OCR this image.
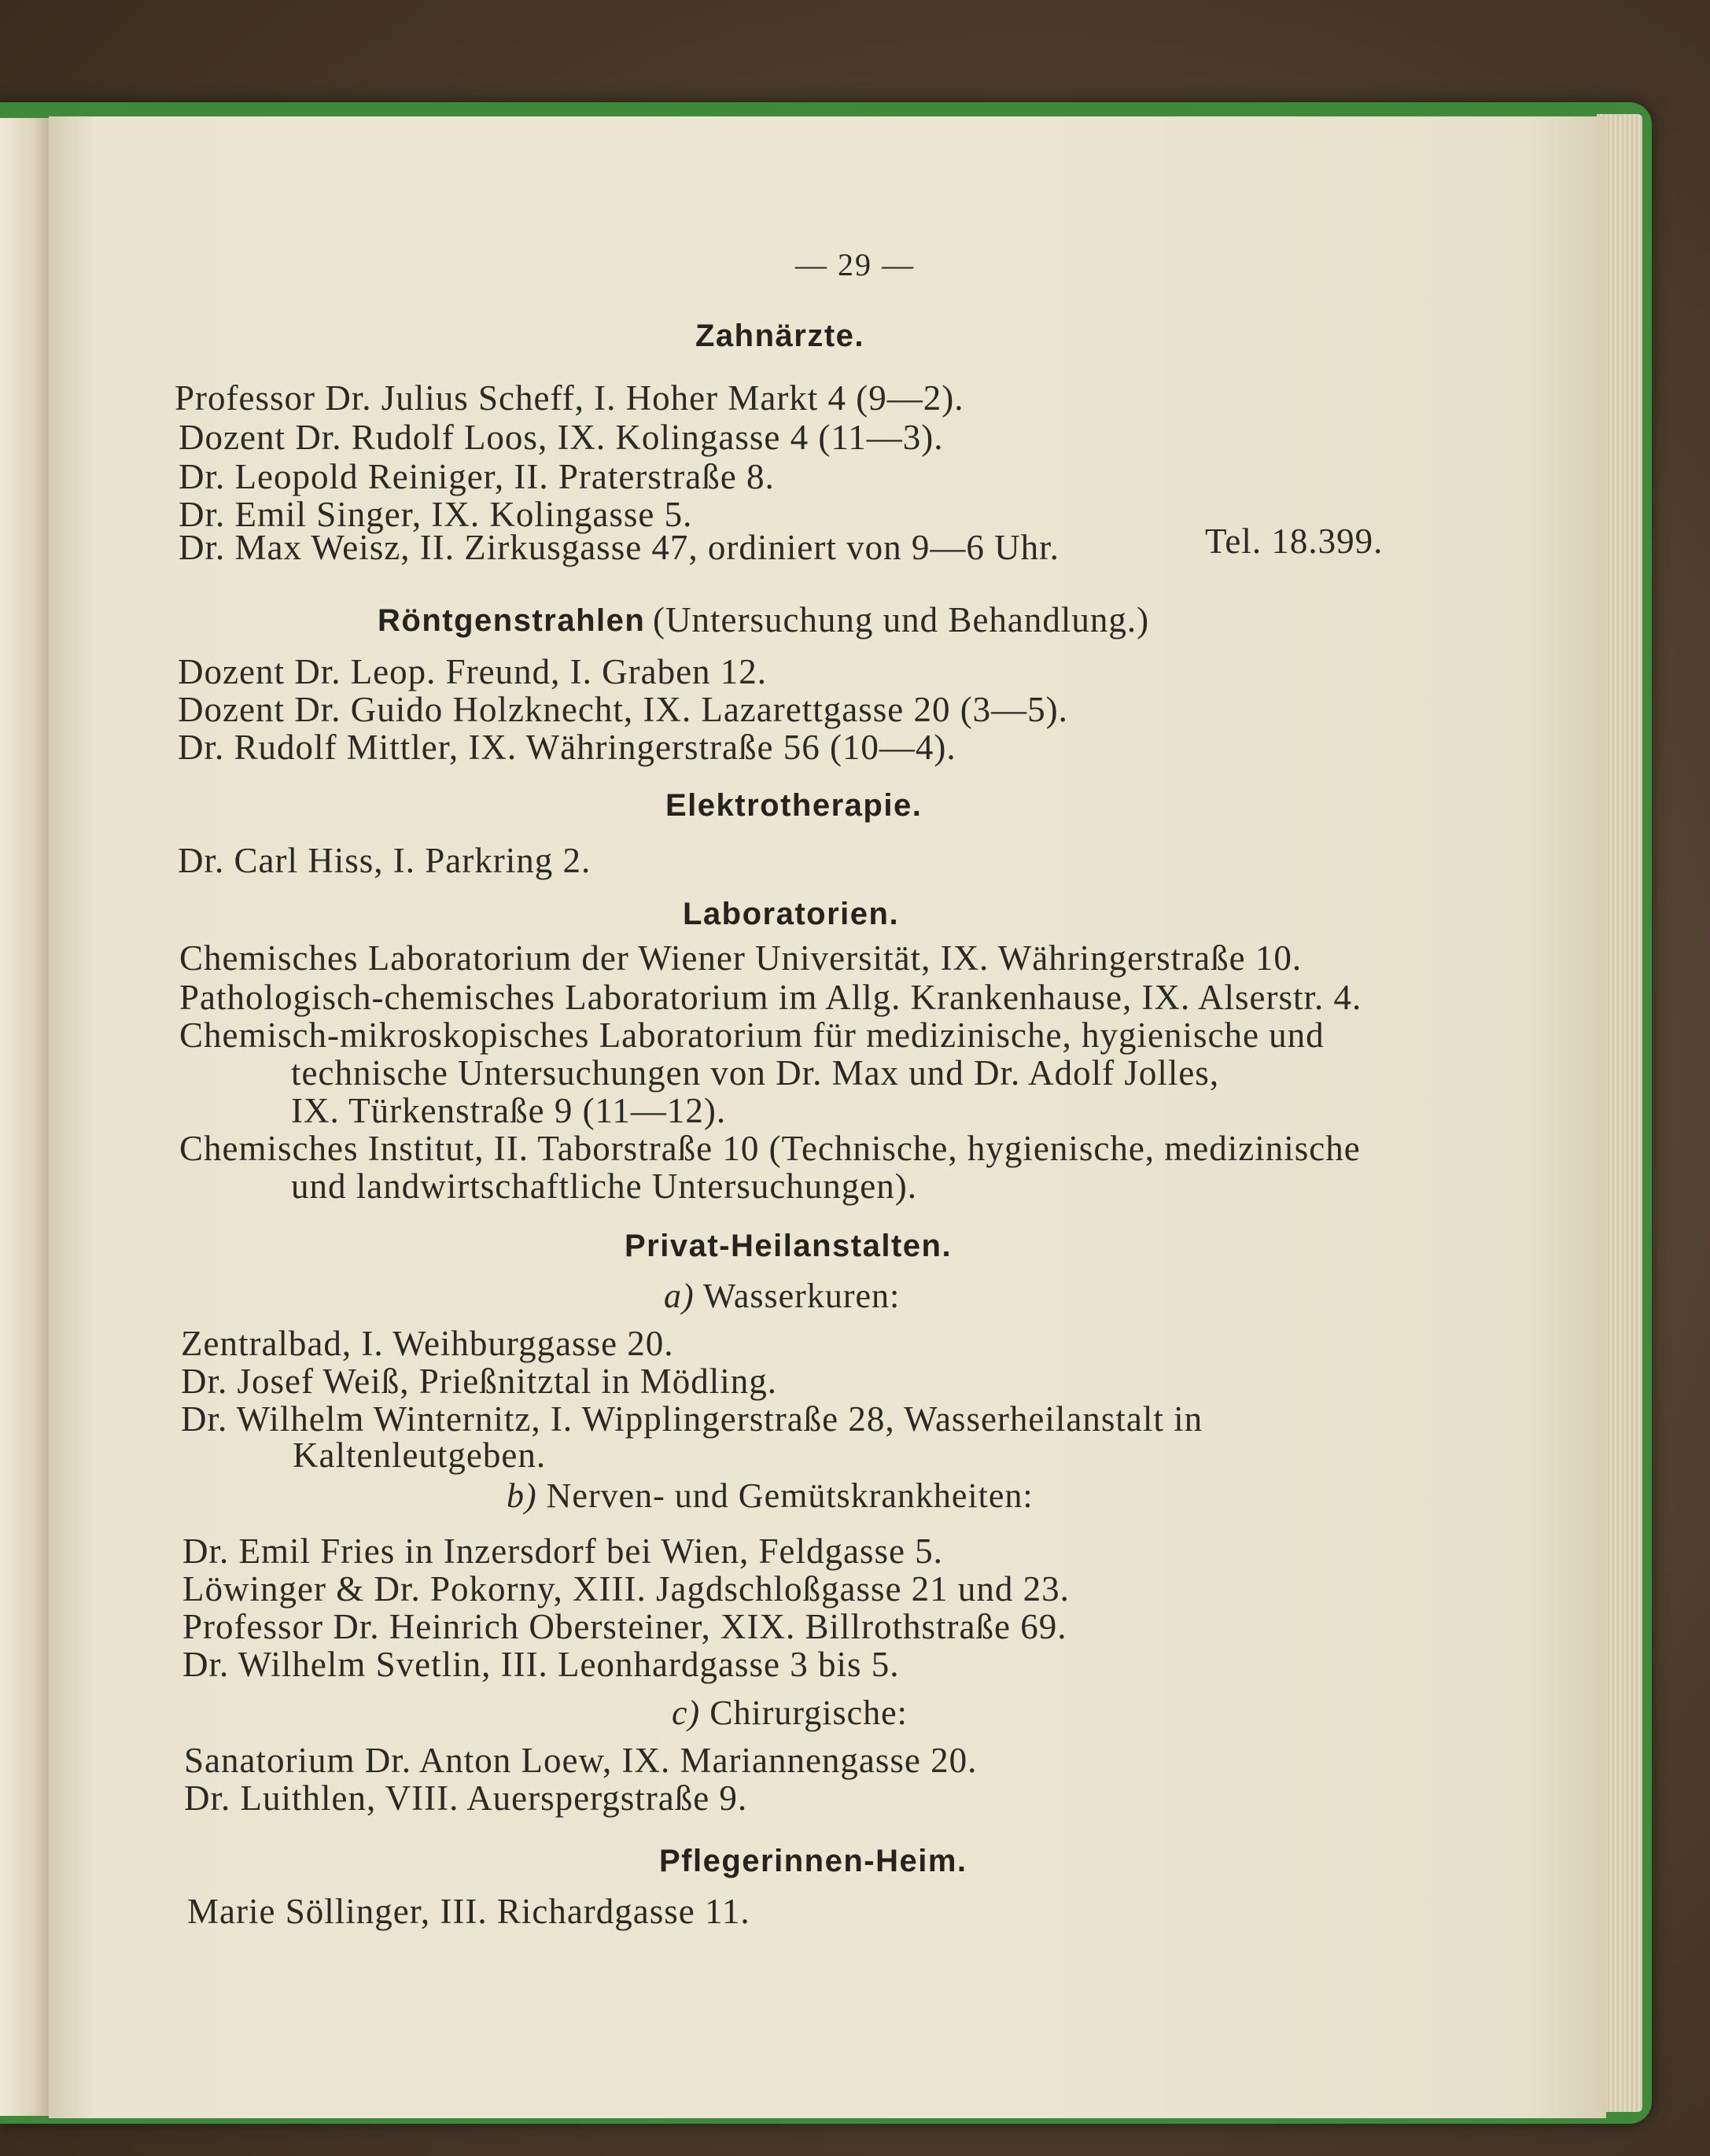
— 29 —
Zahnärzte.
Professor Dr. Julius Scheff, I. Hoher Markt 4 (9—2).
Dozent Dr. Rudolf Loos, IX. Kolingasse 4 (11—3).
Dr. Leopold Reiniger, II. Praterstraße 8.
Dr. Emil Singer, IX. Kolingasse 5.
Dr. Max Weisz, II. Zirkusgasse 47, ordiniert von 9—6 Uhr.	Tel. 18.399.
Röntgenstrahlen (Untersuchung und Behandlung.)
Dozent Dr. Leop. Freund, I. Graben 12.
Dozent Dr. Guido Holzknecht, IX. Lazarettgasse 20 (3—5).
Dr. Rudolf Mittler, IX. Währingerstraße 56 (10—4).
Elektrotherapie.
Dr. Carl Hiss, I. Parkring 2.
Laboratorien.
Chemisches Laboratorium der Wiener Universität, IX. Währingerstraße 10.
Pathologisch-chemisches Laboratorium im Allg. Krankenhause, IX. Alserstr. 4.
Chemisch-mikroskopisches Laboratorium für medizinische, hygienische und
technische Untersuchungen von Dr. Max und Dr. Adolf Jolles,
IX. Türkenstraße 9 (11—12).
Chemisches Institut, II. Taborstraße 10 (Technische, hygienische, medizinische
und landwirtschaftliche Untersuchungen).
Privat-Heilanstalten.
a) Wasserkuren:
Zentralbad, I. Weihburggasse 20.
Dr. Josef Weiß, Prießnitztal in Mödling.
Dr. Wilhelm Winternitz, I. Wipplingerstraße 28, Wasserheilanstalt in
Kaltenleutgeben.
b) Nerven- und Gemütskrankheiten:
Dr. Emil Fries in Inzersdorf bei Wien, Feldgasse 5.
Löwinger & Dr. Pokorny, XIII. Jagdschloßgasse 21 und 23.
Professor Dr. Heinrich Obersteiner, XIX. Billrothstraße 69.
Dr. Wilhelm Svetlin, III. Leonhardgasse 3 bis 5.
c) Chirurgische:
Sanatorium Dr. Anton Loew, IX. Mariannengasse 20.
Dr. Luithlen, VIII. Auerspergstraße 9.
Pflegerinnen-Heim.
Marie Söllinger, III. Richardgasse 11.
